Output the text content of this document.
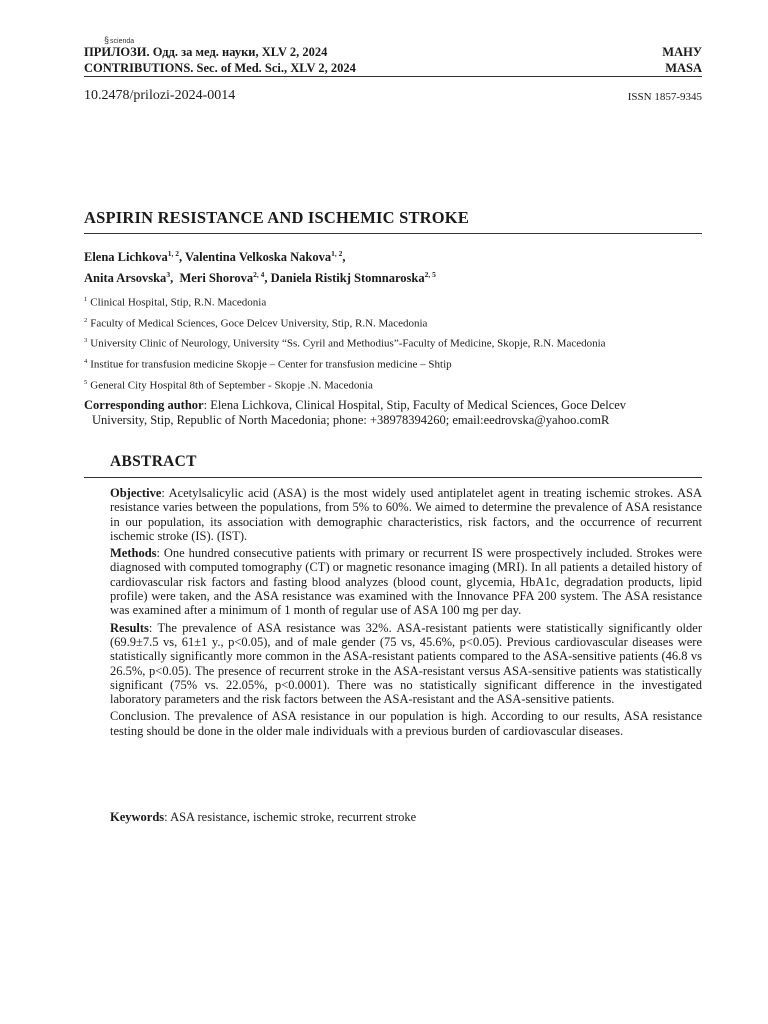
§scienda
ПРИЛОЗИ. Одд. за мед. науки, XLV 2, 2024	МАНУ
CONTRIBUTIONS. Sec. of Med. Sci., XLV 2, 2024	MASA
10.2478/prilozi-2024-0014	ISSN 1857-9345
ASPIRIN RESISTANCE AND ISCHEMIC STROKE
Elena Lichkova$^{1, 2}$, Valentina Velkoska Nakova$^{1, 2}$,
Anita Arsovska$^3$,  Meri Shorova$^{2, 4}$, Daniela Ristikj Stomnaroska$^{2, 5}$
$^1$ Clinical Hospital, Stip, R.N. Macedonia
$^2$ Faculty of Medical Sciences, Goce Delcev University, Stip, R.N. Macedonia
$^3$ University Clinic of Neurology, University “Ss. Cyril and Methodius”-Faculty of Medicine, Skopje, R.N. Macedonia
$^4$ Institue for transfusion medicine Skopje – Center for transfusion medicine – Shtip
$^5$ General City Hospital 8th of September - Skopje .N. Macedonia
Corresponding author: Elena Lichkova, Clinical Hospital, Stip, Faculty of Medical Sciences, Goce Delcev
University, Stip, Republic of North Macedonia; phone: +38978394260; email:eedrovska@yahoo.comR
ABSTRACT

Objective: Acetylsalicylic acid (ASA) is the most widely used antiplatelet agent in treating ischemic strokes. ASA resistance varies between the populations, from 5% to 60%. We aimed to determine the prevalence of ASA resistance in our population, its association with demographic characteristics, risk factors, and the occurrence of recurrent ischemic stroke (IS). (IST).

Methods: One hundred consecutive patients with primary or recurrent IS were prospectively included. Strokes were diagnosed with computed tomography (CT) or magnetic resonance imaging (MRI). In all patients a detailed history of cardiovascular risk factors and fasting blood analyzes (blood count, glycemia, HbA1c, degradation products, lipid profile) were taken, and the ASA resistance was examined with the Innovance PFA 200 system. The ASA resistance was examined after a minimum of 1 month of regular use of ASA 100 mg per day.

Results: The prevalence of ASA resistance was 32%. ASA-resistant patients were statistically significantly older (69.9±7.5 vs, 61±1 y., p<0.05), and of male gender (75 vs, 45.6%, p<0.05). Previous cardiovascular diseases were statistically significantly more common in the ASA-resistant patients compared to the ASA-sensitive patients (46.8 vs 26.5%, p<0.05). The presence of recurrent stroke in the ASA-resistant versus ASA-sensitive patients was statistically significant (75% vs. 22.05%, p<0.0001). There was no statistically significant difference in the investigated laboratory parameters and the risk factors between the ASA-resistant and the ASA-sensitive patients.

Conclusion. The prevalence of ASA resistance in our population is high. According to our results, ASA resistance testing should be done in the older male individuals with a previous burden of cardiovascular diseases.

Keywords: ASA resistance, ischemic stroke, recurrent stroke
